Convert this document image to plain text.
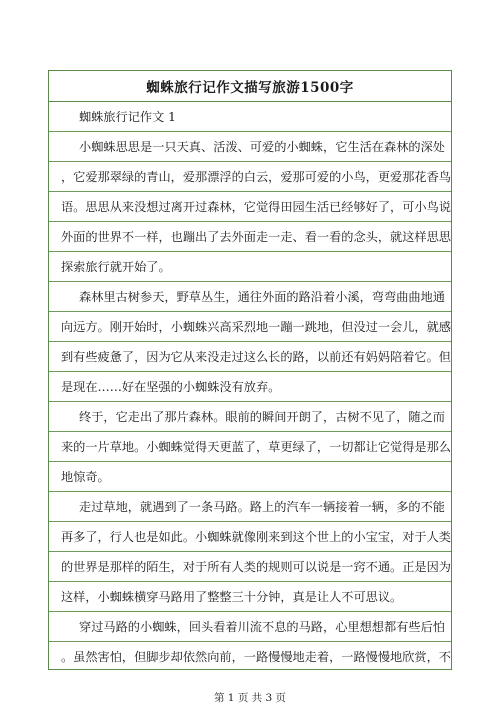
蜘蛛旅行记作文描写旅游1500字
蜘蛛旅行记作文 1
小蜘蛛思思是一只天真、活泼、可爱的小蜘蛛，它生活在森林的深处
，它爱那翠绿的青山，爱那漂浮的白云，爱那可爱的小鸟，更爱那花香鸟
语。思思从来没想过离开过森林，它觉得田园生活已经够好了，可小鸟说
外面的世界不一样，也蹦出了去外面走一走、看一看的念头，就这样思思
探索旅行就开始了。
森林里古树参天，野草丛生，通往外面的路沿着小溪，弯弯曲曲地通
向远方。刚开始时，小蜘蛛兴高采烈地一蹦一跳地，但没过一会儿，就感
到有些疲惫了，因为它从来没走过这么长的路，以前还有妈妈陪着它。但
是现在……好在坚强的小蜘蛛没有放弃。
终于，它走出了那片森林。眼前的瞬间开朗了，古树不见了，随之而
来的一片草地。小蜘蛛觉得天更蓝了，草更绿了，一切都让它觉得是那么
地惊奇。
走过草地，就遇到了一条马路。路上的汽车一辆接着一辆，多的不能
再多了，行人也是如此。小蜘蛛就像刚来到这个世上的小宝宝，对于人类
的世界是那样的陌生，对于所有人类的规则可以说是一窍不通。正是因为
这样，小蜘蛛横穿马路用了整整三十分钟，真是让人不可思议。
穿过马路的小蜘蛛，回头看着川流不息的马路，心里想想都有些后怕
。虽然害怕，但脚步却依然向前，一路慢慢地走着，一路慢慢地欣赏，不
第 1 页 共 3 页
